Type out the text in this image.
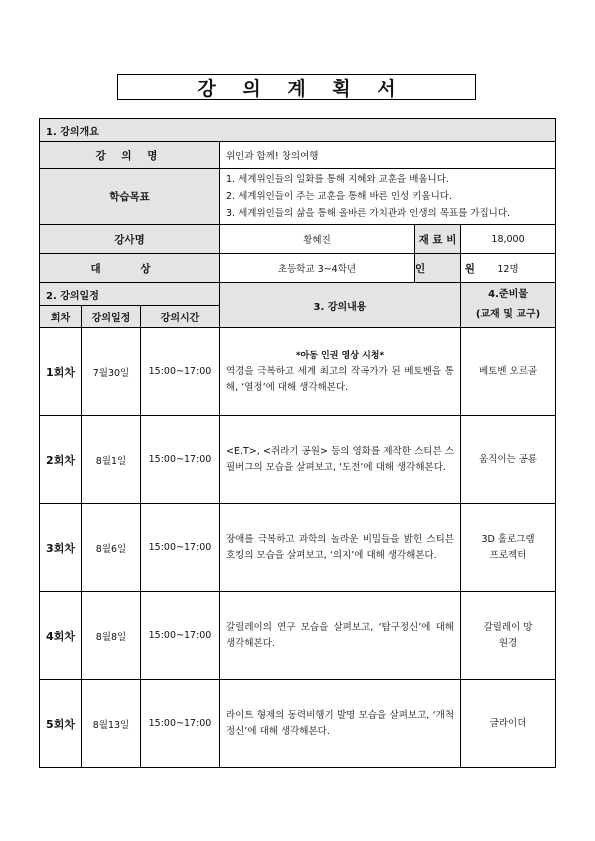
강 의 계 획 서
1. 강의개요					
강 의 명			위인과 함께! 창의여행		
학습목표			1. 세계위인들의 일화를 통해 지혜와 교훈을 배웁니다.
2. 세계위인들이 주는 교훈을 통해 바른 인성 키웁니다.
3. 세계위인들의 삶을 통해 올바른 가치관과 인생의 목표를 가집니다.		

강사명			황혜진	재 료 비	18,000
대 상			초등학교 3~4학년	인 원	12명
2. 강의일정			3. 강의내용		4.준비물
(교재 및 교구)

회차	강의일정	강의시간			
1회차	7월30일	15:00~17:00	*아동 인권 영상 시청*
역경을 극복하고 세계 최고의 작곡가가 된 베토벤을 통해, ‘열정’에 대해 생각해본다.		베토벤 오르골
2회차	8월1일	15:00~17:00	<E.T>, <쥐라기 공원> 등의 영화를 제작한 스티븐 스필버그의 모습을 살펴보고, ‘도전’에 대해 생각해본다.		움직이는 공룡
3회차	8월6일	15:00~17:00	장애를 극복하고 과학의 놀라운 비밀들을 밝힌 스티븐 호킹의 모습을 살펴보고, ‘의지’에 대해 생각해본다.		3D 홀로그램 프로젝터
4회차	8월8일	15:00~17:00	갈릴레이의 연구 모습을 살펴보고, ‘탐구정신’에 대해 생각해본다.		갈릴레이 망원경
5회차	8월13일	15:00~17:00	라이트 형제의 동력비행기 발명 모습을 살펴보고, ‘개척정신’에 대해 생각해본다.		글라이더
